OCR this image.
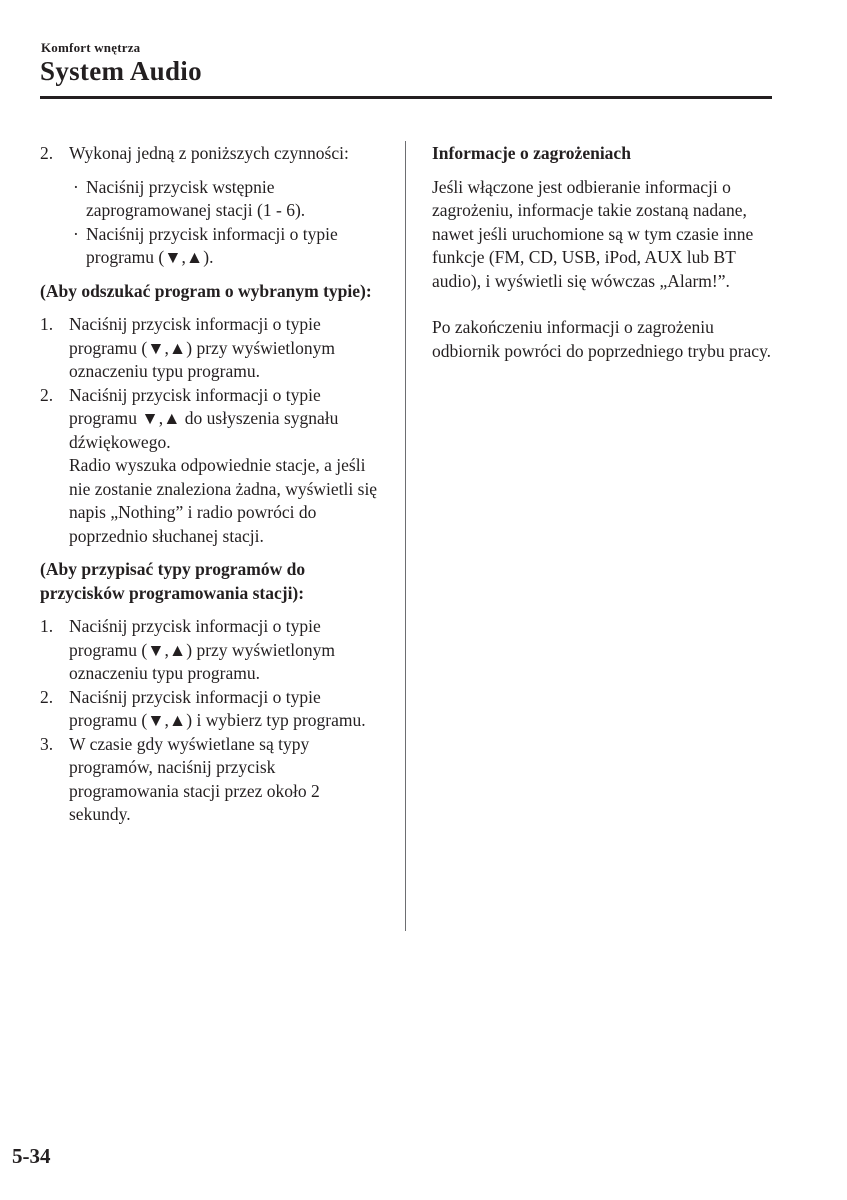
Komfort wnętrza
System Audio
2. Wykonaj jedną z poniższych czynności:
· Naciśnij przycisk wstępnie zaprogramowanej stacji (1 - 6).
· Naciśnij przycisk informacji o typie programu (▼,▲).
(Aby odszukać program o wybranym typie):
1. Naciśnij przycisk informacji o typie programu (▼,▲) przy wyświetlonym oznaczeniu typu programu.
2. Naciśnij przycisk informacji o typie programu ▼,▲ do usłyszenia sygnału dźwiękowego.
Radio wyszuka odpowiednie stacje, a jeśli nie zostanie znaleziona żadna, wyświetli się napis „Nothing” i radio powróci do poprzednio słuchanej stacji.
(Aby przypisać typy programów do przycisków programowania stacji):
1. Naciśnij przycisk informacji o typie programu (▼,▲) przy wyświetlonym oznaczeniu typu programu.
2. Naciśnij przycisk informacji o typie programu (▼,▲) i wybierz typ programu.
3. W czasie gdy wyświetlane są typy programów, naciśnij przycisk programowania stacji przez około 2 sekundy.
Informacje o zagrożeniach

Jeśli włączone jest odbieranie informacji o zagrożeniu, informacje takie zostaną nadane, nawet jeśli uruchomione są w tym czasie inne funkcje (FM, CD, USB, iPod, AUX lub BT audio), i wyświetli się wówczas „Alarm!”.

Po zakończeniu informacji o zagrożeniu odbiornik powróci do poprzedniego trybu pracy.

5-34
